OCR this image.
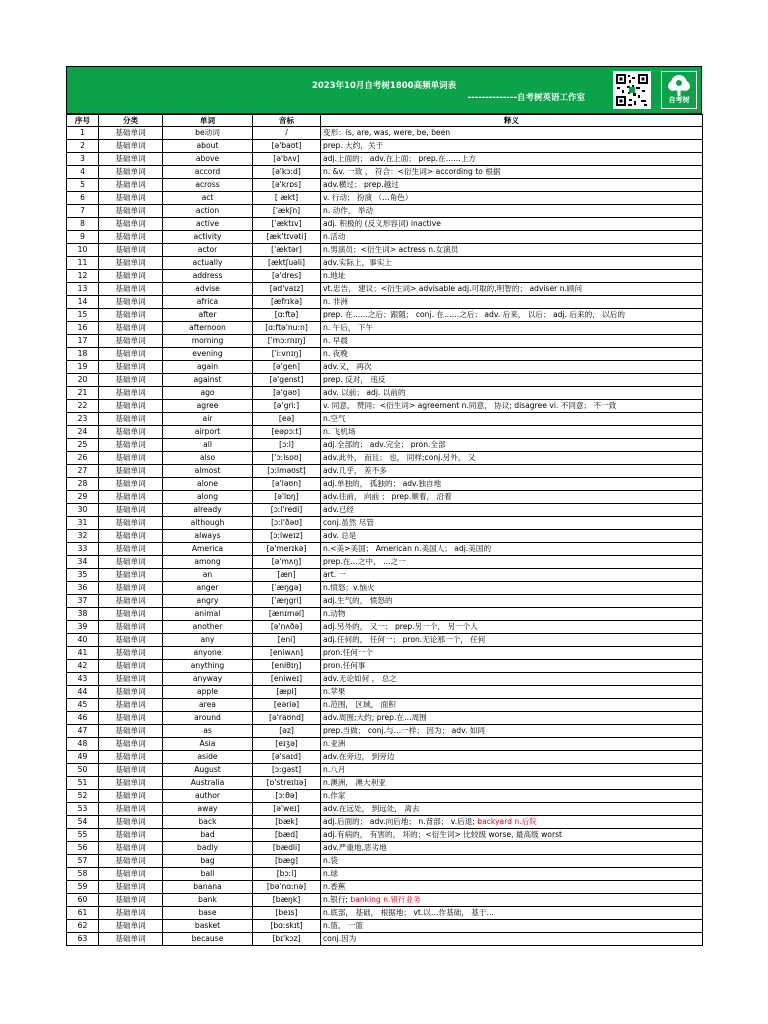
2023年10月自考树1800高频单词表
--------------自考树英语工作室	自考树
序号	分类	单词	音标	释义
1	基础单词	be动词	/	变形：is, are, was, were, be, been
2	基础单词	about	[ə'baʊt]	prep. 大约，关于
3	基础单词	above	[ə'bʌv]	adj.上面的； adv.在上面； prep.在……上方
4	基础单词	accord	[ə'kɔːd]	n. &v. 一致 ， 符合：<衍生词> according to 根据
5	基础单词	across	[ə'krɒs]	adv.横过； prep.越过
6	基础单词	act	[ ækt]	v. 行动； 扮演 （…角色）
7	基础单词	action	[ˈækʃn]	n. 动作， 举动
8	基础单词	active	[ˈæktɪv]	adj. 积极的 (反义形容词) inactive
9	基础单词	activity	[æk'tɪvəti]	n.活动
10	基础单词	actor	[ˈæktər]	n.男演员；<衍生词> actress n.女演员
11	基础单词	actually	[æktʃuəli]	adv.实际上，事实上
12	基础单词	address	[ə'dres]	n.地址
13	基础单词	advise	[əd'vaɪz]	vt.忠告， 建议；<衍生词> advisable adj.可取的,明智的； adviser n.顾问
14	基础单词	africa	[æfrɪkə]	n. 非洲
15	基础单词	after	[ɑːftə]	prep. 在……之后；跟随； conj. 在……之后； adv. 后来， 以后； adj. 后来的， 以后的
16	基础单词	afternoon	[ɑːftə'nuːn]	n. 午后， 下午
17	基础单词	morning	[ˈmɔːrnɪŋ]	n. 早晨
18	基础单词	evening	[ˈiːvnɪŋ]	n. 夜晚
19	基础单词	again	[ə'gen]	adv.又， 再次
20	基础单词	against	[ə'genst]	prep. 反对， 违反
21	基础单词	ago	[ə'gəʊ]	adv. 以前； adj. 以前的
22	基础单词	agree	[ə'griː]	v. 同意， 赞同；<衍生词> agreement n.同意， 协议; disagree vi. 不同意； 不一致
23	基础单词	air	[eə]	n.空气
24	基础单词	airport	[eəpɔːt]	n. 飞机场
25	基础单词	all	[ɔːl]	adj.全部的； adv.完全； pron.全部
26	基础单词	also	[ˈɔːlsoʊ]	adv.此外， 而且； 也， 同样;conj.另外， 又
27	基础单词	almost	[ɔːlməʊst]	adv.几乎， 差不多
28	基础单词	alone	[ə'ləʊn]	adj.单独的， 孤独的； adv.独自地
29	基础单词	along	[ə'lɒŋ]	adv.往前， 向前 ； prep.顺着， 沿着
30	基础单词	already	[ɔːl'redi]	adv.已经
31	基础单词	although	[ɔːl'ðəʊ]	conj.虽然 尽管
32	基础单词	always	[ɔːlweɪz]	adv. 总是
33	基础单词	America	[ə'merɪkə]	n.<美>美国； American n.美国人； adj.美国的
34	基础单词	among	[ə'mʌŋ]	prep.在…之中， …之一
35	基础单词	an	[æn]	art. 一
36	基础单词	anger	[ˈæŋgə]	n.愤怒；v.恼火
37	基础单词	angry	[ˈæŋgri]	adj.生气的， 愤怒的
38	基础单词	animal	[ænɪməl]	n.动物
39	基础单词	another	[ə'nʌðə]	adj.另外的， 又一； prep.另一个， 另一个人
40	基础单词	any	[eni]	adj.任何的， 任何一； pron.无论那一个， 任何
41	基础单词	anyone	[eniwʌn]	pron.任何一个
42	基础单词	anything	[eniθɪŋ]	pron.任何事
43	基础单词	anyway	[eniweɪ]	adv.无论如何 ， 总之
44	基础单词	apple	[æpl]	n.苹果
45	基础单词	area	[eəriə]	n.范围， 区域， 面积
46	基础单词	around	[ə'raʊnd]	adv.周围;大约; prep.在…周围
47	基础单词	as	[əz]	prep.当做； conj.与…一样； 因为； adv. 如同
48	基础单词	Asia	[eɪʒə]	n.亚洲
49	基础单词	aside	[ə'saɪd]	adv.在旁边， 到旁边
50	基础单词	August	[ɔːgəst]	n.八月
51	基础单词	Australia	[ɒ'streɪlɪə]	n.澳洲， 澳大利亚
52	基础单词	author	[ɔːθə]	n.作家
53	基础单词	away	[ə'weɪ]	adv.在远处， 到远处， 离去
54	基础单词	back	[bæk]	adj.后面的； adv.向后地； n.背部； v.后退; backyard n.后院
55	基础单词	bad	[bæd]	adj.有病的， 有害的， 坏的；<衍生词> 比较级 worse, 最高级 worst
56	基础单词	badly	[bædli]	adv.严重地,恶劣地
57	基础单词	bag	[bæg]	n.袋
58	基础单词	ball	[bɔːl]	n.球
59	基础单词	banana	[bəˈnɑːnə]	n.香蕉
60	基础单词	bank	[bæŋk]	n.银行; banking n.银行业务
61	基础单词	base	[beɪs]	n.底部， 基础， 根据地； vt.以…作基础， 基于…
62	基础单词	basket	[bɑːskɪt]	n.篮， 一篮
63	基础单词	because	[bɪ'kɔz]	conj.因为
